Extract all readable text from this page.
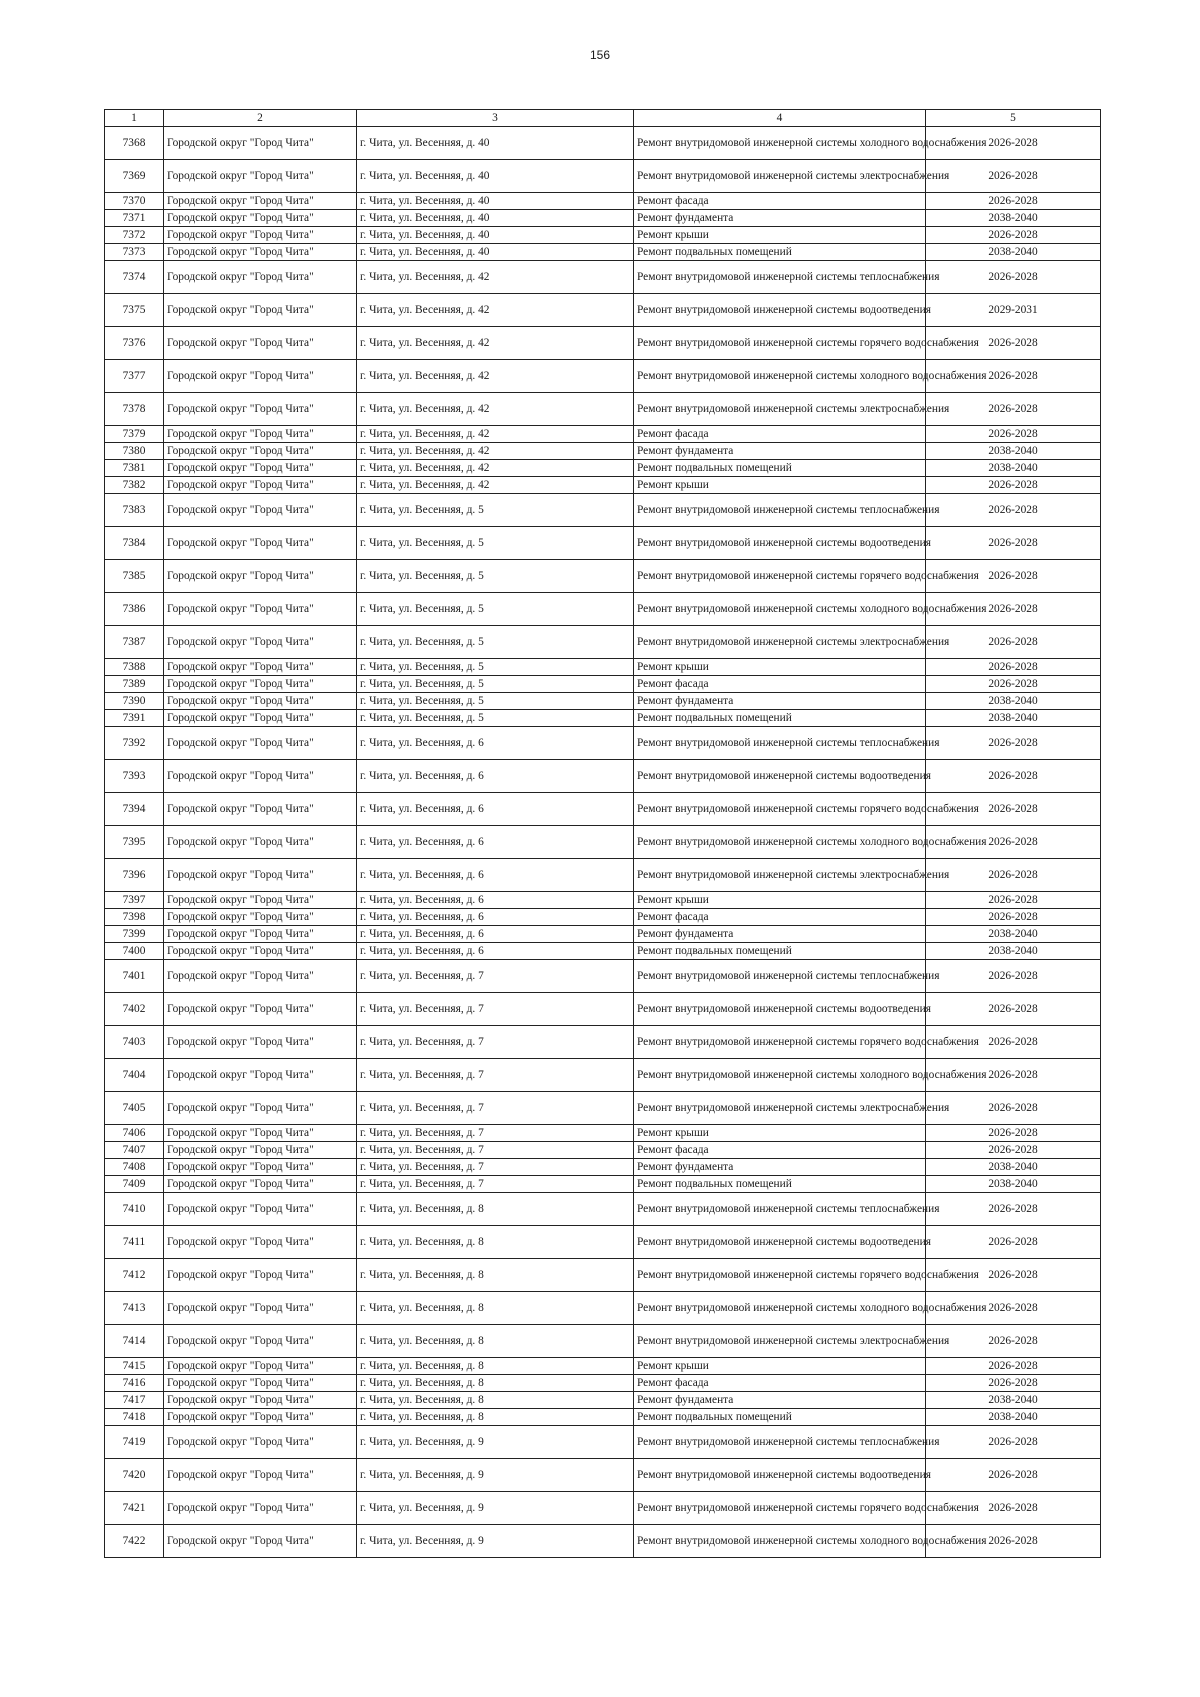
156
1	2	3	4	5
7368	Городской округ "Город Чита"	г. Чита, ул. Весенняя, д. 40	Ремонт внутридомовой инженерной системы холодного водоснабжения	2026-2028
7369	Городской округ "Город Чита"	г. Чита, ул. Весенняя, д. 40	Ремонт внутридомовой инженерной системы электроснабжения	2026-2028
7370	Городской округ "Город Чита"	г. Чита, ул. Весенняя, д. 40	Ремонт фасада	2026-2028
7371	Городской округ "Город Чита"	г. Чита, ул. Весенняя, д. 40	Ремонт фундамента	2038-2040
7372	Городской округ "Город Чита"	г. Чита, ул. Весенняя, д. 40	Ремонт крыши	2026-2028
7373	Городской округ "Город Чита"	г. Чита, ул. Весенняя, д. 40	Ремонт подвальных помещений	2038-2040
7374	Городской округ "Город Чита"	г. Чита, ул. Весенняя, д. 42	Ремонт внутридомовой инженерной системы теплоснабжения	2026-2028
7375	Городской округ "Город Чита"	г. Чита, ул. Весенняя, д. 42	Ремонт внутридомовой инженерной системы водоотведения	2029-2031
7376	Городской округ "Город Чита"	г. Чита, ул. Весенняя, д. 42	Ремонт внутридомовой инженерной системы горячего водоснабжения	2026-2028
7377	Городской округ "Город Чита"	г. Чита, ул. Весенняя, д. 42	Ремонт внутридомовой инженерной системы холодного водоснабжения	2026-2028
7378	Городской округ "Город Чита"	г. Чита, ул. Весенняя, д. 42	Ремонт внутридомовой инженерной системы электроснабжения	2026-2028
7379	Городской округ "Город Чита"	г. Чита, ул. Весенняя, д. 42	Ремонт фасада	2026-2028
7380	Городской округ "Город Чита"	г. Чита, ул. Весенняя, д. 42	Ремонт фундамента	2038-2040
7381	Городской округ "Город Чита"	г. Чита, ул. Весенняя, д. 42	Ремонт подвальных помещений	2038-2040
7382	Городской округ "Город Чита"	г. Чита, ул. Весенняя, д. 42	Ремонт крыши	2026-2028
7383	Городской округ "Город Чита"	г. Чита, ул. Весенняя, д. 5	Ремонт внутридомовой инженерной системы теплоснабжения	2026-2028
7384	Городской округ "Город Чита"	г. Чита, ул. Весенняя, д. 5	Ремонт внутридомовой инженерной системы водоотведения	2026-2028
7385	Городской округ "Город Чита"	г. Чита, ул. Весенняя, д. 5	Ремонт внутридомовой инженерной системы горячего водоснабжения	2026-2028
7386	Городской округ "Город Чита"	г. Чита, ул. Весенняя, д. 5	Ремонт внутридомовой инженерной системы холодного водоснабжения	2026-2028
7387	Городской округ "Город Чита"	г. Чита, ул. Весенняя, д. 5	Ремонт внутридомовой инженерной системы электроснабжения	2026-2028
7388	Городской округ "Город Чита"	г. Чита, ул. Весенняя, д. 5	Ремонт крыши	2026-2028
7389	Городской округ "Город Чита"	г. Чита, ул. Весенняя, д. 5	Ремонт фасада	2026-2028
7390	Городской округ "Город Чита"	г. Чита, ул. Весенняя, д. 5	Ремонт фундамента	2038-2040
7391	Городской округ "Город Чита"	г. Чита, ул. Весенняя, д. 5	Ремонт подвальных помещений	2038-2040
7392	Городской округ "Город Чита"	г. Чита, ул. Весенняя, д. 6	Ремонт внутридомовой инженерной системы теплоснабжения	2026-2028
7393	Городской округ "Город Чита"	г. Чита, ул. Весенняя, д. 6	Ремонт внутридомовой инженерной системы водоотведения	2026-2028
7394	Городской округ "Город Чита"	г. Чита, ул. Весенняя, д. 6	Ремонт внутридомовой инженерной системы горячего водоснабжения	2026-2028
7395	Городской округ "Город Чита"	г. Чита, ул. Весенняя, д. 6	Ремонт внутридомовой инженерной системы холодного водоснабжения	2026-2028
7396	Городской округ "Город Чита"	г. Чита, ул. Весенняя, д. 6	Ремонт внутридомовой инженерной системы электроснабжения	2026-2028
7397	Городской округ "Город Чита"	г. Чита, ул. Весенняя, д. 6	Ремонт крыши	2026-2028
7398	Городской округ "Город Чита"	г. Чита, ул. Весенняя, д. 6	Ремонт фасада	2026-2028
7399	Городской округ "Город Чита"	г. Чита, ул. Весенняя, д. 6	Ремонт фундамента	2038-2040
7400	Городской округ "Город Чита"	г. Чита, ул. Весенняя, д. 6	Ремонт подвальных помещений	2038-2040
7401	Городской округ "Город Чита"	г. Чита, ул. Весенняя, д. 7	Ремонт внутридомовой инженерной системы теплоснабжения	2026-2028
7402	Городской округ "Город Чита"	г. Чита, ул. Весенняя, д. 7	Ремонт внутридомовой инженерной системы водоотведения	2026-2028
7403	Городской округ "Город Чита"	г. Чита, ул. Весенняя, д. 7	Ремонт внутридомовой инженерной системы горячего водоснабжения	2026-2028
7404	Городской округ "Город Чита"	г. Чита, ул. Весенняя, д. 7	Ремонт внутридомовой инженерной системы холодного водоснабжения	2026-2028
7405	Городской округ "Город Чита"	г. Чита, ул. Весенняя, д. 7	Ремонт внутридомовой инженерной системы электроснабжения	2026-2028
7406	Городской округ "Город Чита"	г. Чита, ул. Весенняя, д. 7	Ремонт крыши	2026-2028
7407	Городской округ "Город Чита"	г. Чита, ул. Весенняя, д. 7	Ремонт фасада	2026-2028
7408	Городской округ "Город Чита"	г. Чита, ул. Весенняя, д. 7	Ремонт фундамента	2038-2040
7409	Городской округ "Город Чита"	г. Чита, ул. Весенняя, д. 7	Ремонт подвальных помещений	2038-2040
7410	Городской округ "Город Чита"	г. Чита, ул. Весенняя, д. 8	Ремонт внутридомовой инженерной системы теплоснабжения	2026-2028
7411	Городской округ "Город Чита"	г. Чита, ул. Весенняя, д. 8	Ремонт внутридомовой инженерной системы водоотведения	2026-2028
7412	Городской округ "Город Чита"	г. Чита, ул. Весенняя, д. 8	Ремонт внутридомовой инженерной системы горячего водоснабжения	2026-2028
7413	Городской округ "Город Чита"	г. Чита, ул. Весенняя, д. 8	Ремонт внутридомовой инженерной системы холодного водоснабжения	2026-2028
7414	Городской округ "Город Чита"	г. Чита, ул. Весенняя, д. 8	Ремонт внутридомовой инженерной системы электроснабжения	2026-2028
7415	Городской округ "Город Чита"	г. Чита, ул. Весенняя, д. 8	Ремонт крыши	2026-2028
7416	Городской округ "Город Чита"	г. Чита, ул. Весенняя, д. 8	Ремонт фасада	2026-2028
7417	Городской округ "Город Чита"	г. Чита, ул. Весенняя, д. 8	Ремонт фундамента	2038-2040
7418	Городской округ "Город Чита"	г. Чита, ул. Весенняя, д. 8	Ремонт подвальных помещений	2038-2040
7419	Городской округ "Город Чита"	г. Чита, ул. Весенняя, д. 9	Ремонт внутридомовой инженерной системы теплоснабжения	2026-2028
7420	Городской округ "Город Чита"	г. Чита, ул. Весенняя, д. 9	Ремонт внутридомовой инженерной системы водоотведения	2026-2028
7421	Городской округ "Город Чита"	г. Чита, ул. Весенняя, д. 9	Ремонт внутридомовой инженерной системы горячего водоснабжения	2026-2028
7422	Городской округ "Город Чита"	г. Чита, ул. Весенняя, д. 9	Ремонт внутридомовой инженерной системы холодного водоснабжения	2026-2028
